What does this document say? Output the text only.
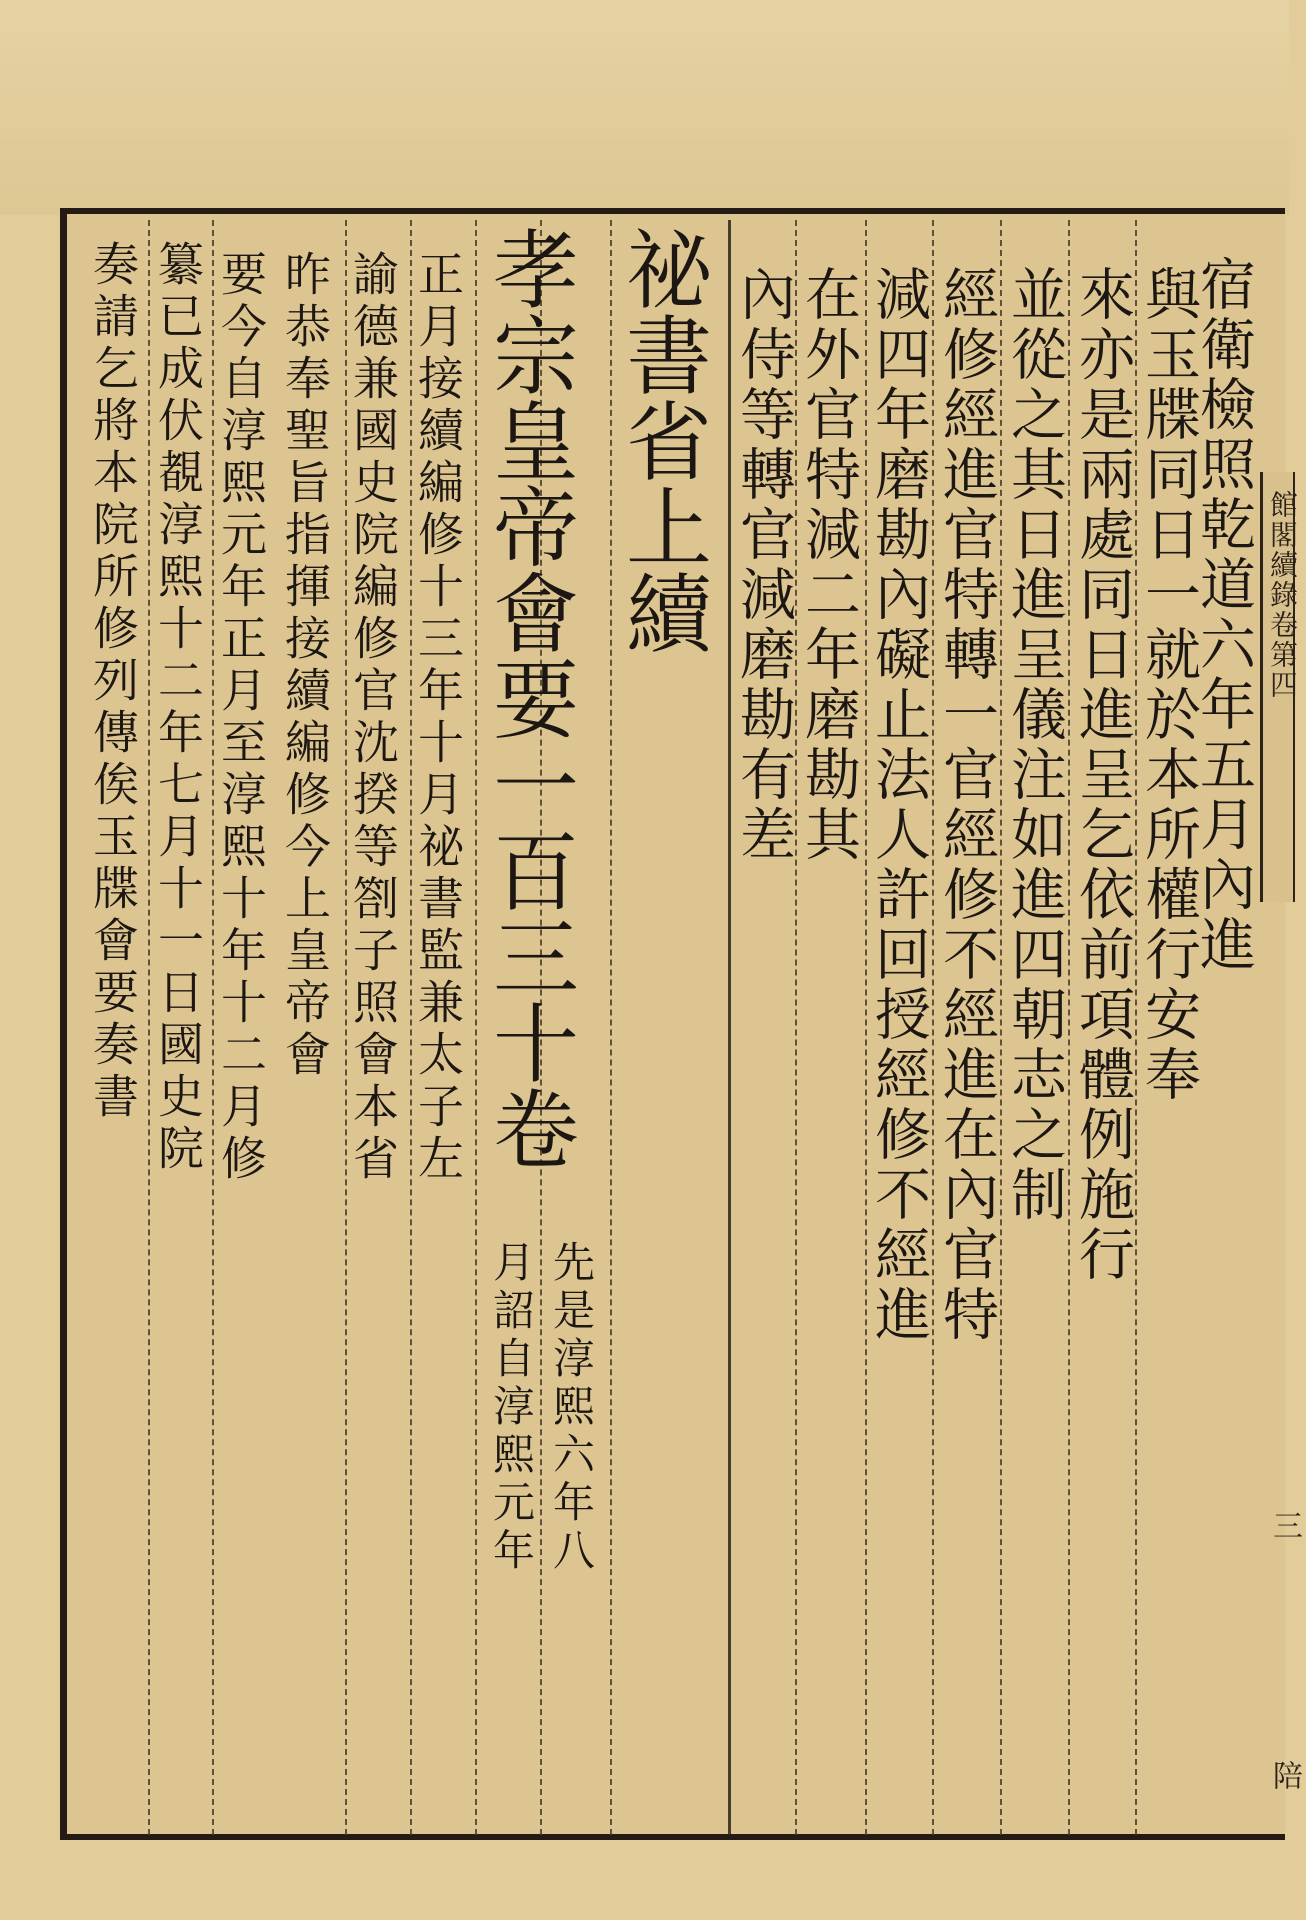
宿衛檢照乾道六年五月內進
與玉牒同日一就於本所權行安奉
來亦是兩處同日進呈乞依前項體例施行
並從之其日進呈儀注如進四朝志之制
經修經進官特轉一官經修不經進在內官特
減四年磨勘內礙止法人許回授經修不經進
在外官特減二年磨勘其
內侍等轉官減磨勘有差
祕書省上續
孝宗皇帝會要一百三十卷
先是淳熙六年八
月詔自淳熙元年
正月接續編修十三年十月祕書監兼太子左
諭德兼國史院編修官沈揆等劄子照會本省
昨恭奉聖旨指揮接續編修今上皇帝會
要今自淳熙元年正月至淳熙十年十二月修
纂已成伏覩淳熙十二年七月十一日國史院
奏請乞將本院所修列傳俟玉牒會要奏書	館閣續錄卷第四
三
陪
